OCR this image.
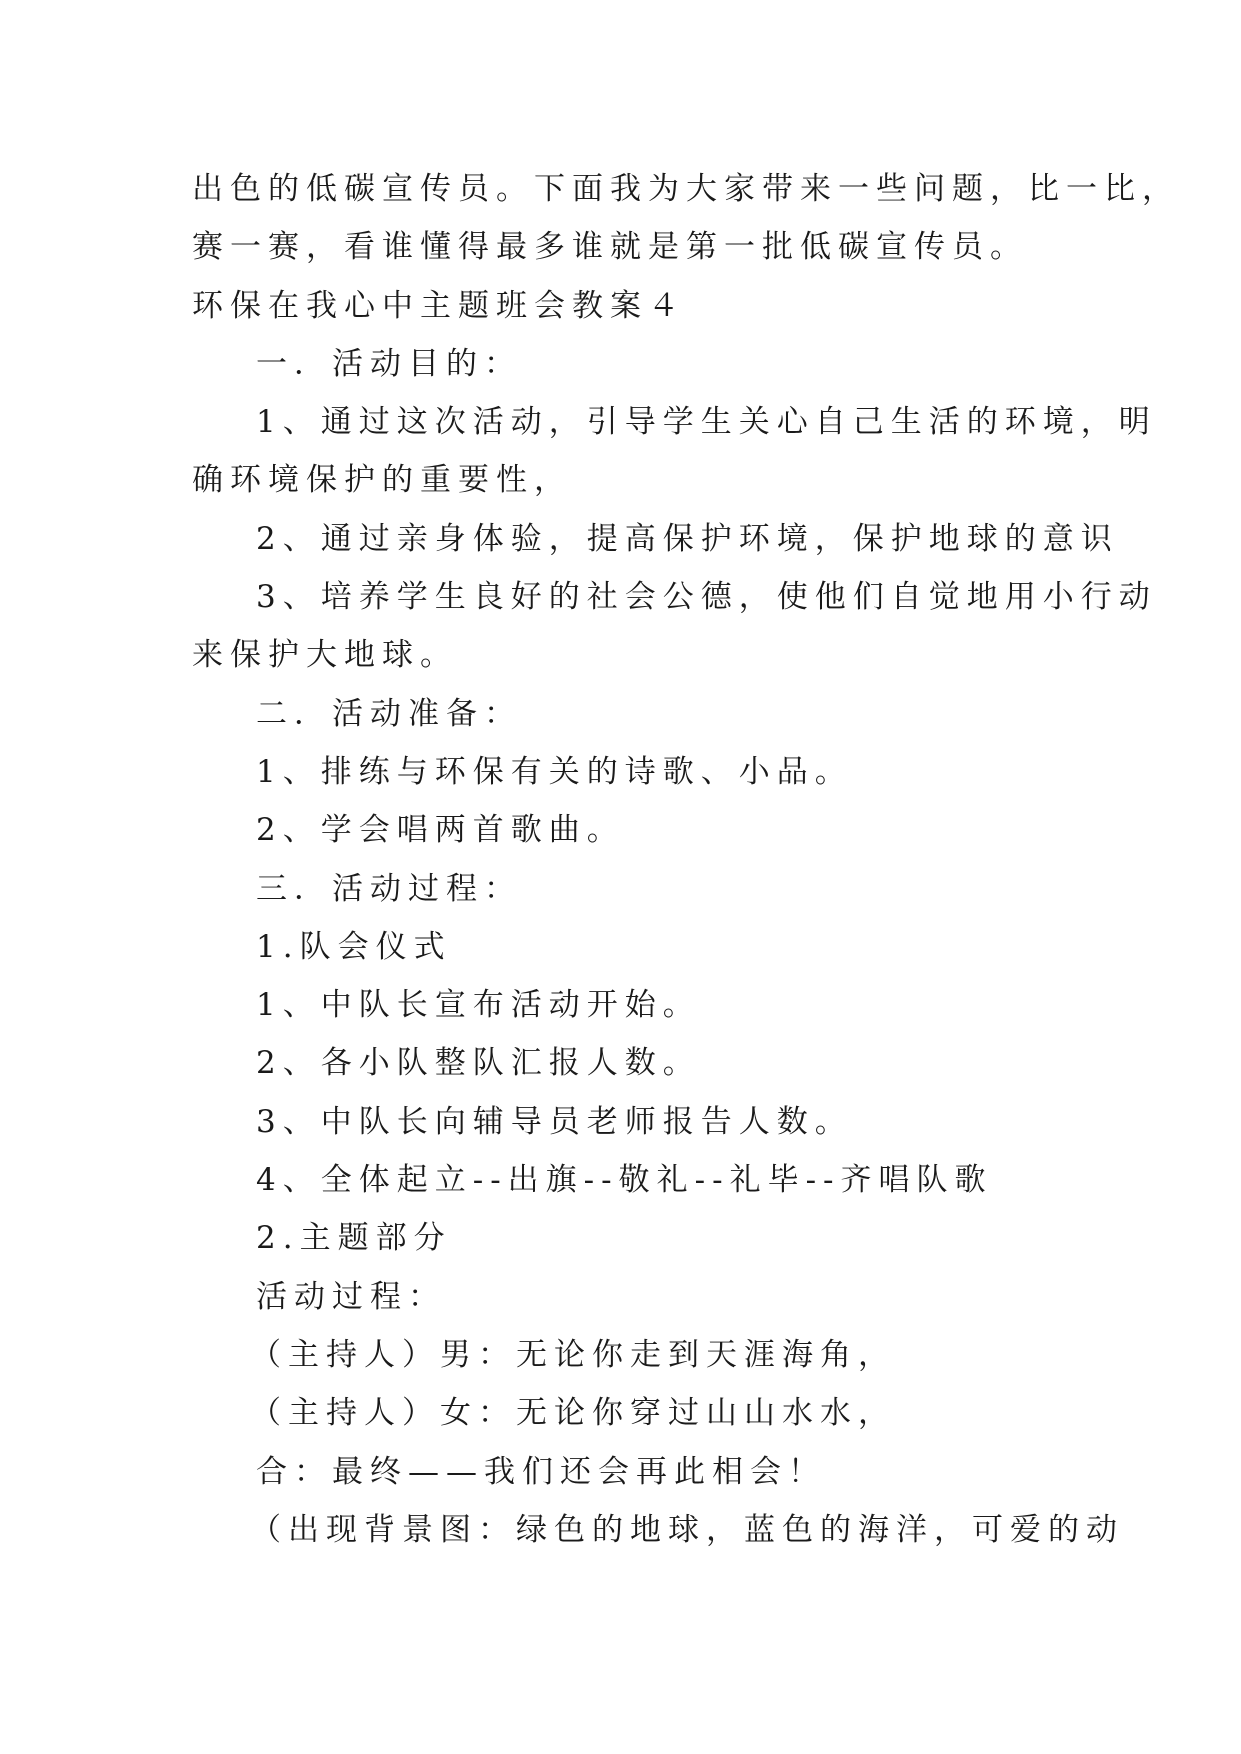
出色的低碳宣传员。下面我为大家带来一些问题，比一比，
赛一赛，看谁懂得最多谁就是第一批低碳宣传员。
环保在我心中主题班会教案４
一．活动目的：
1、通过这次活动，引导学生关心自己生活的环境，明
确环境保护的重要性，
2、通过亲身体验，提高保护环境，保护地球的意识
3、培养学生良好的社会公德，使他们自觉地用小行动
来保护大地球。
二．活动准备：
1、排练与环保有关的诗歌、小品。
2、学会唱两首歌曲。
三．活动过程：
1.队会仪式
1、中队长宣布活动开始。
2、各小队整队汇报人数。
3、中队长向辅导员老师报告人数。
4、全体起立--出旗--敬礼--礼毕--齐唱队歌
2.主题部分
活动过程：
（主持人）男：无论你走到天涯海角，
（主持人）女：无论你穿过山山水水，
合：最终——我们还会再此相会！
（出现背景图：绿色的地球，蓝色的海洋，可爱的动
